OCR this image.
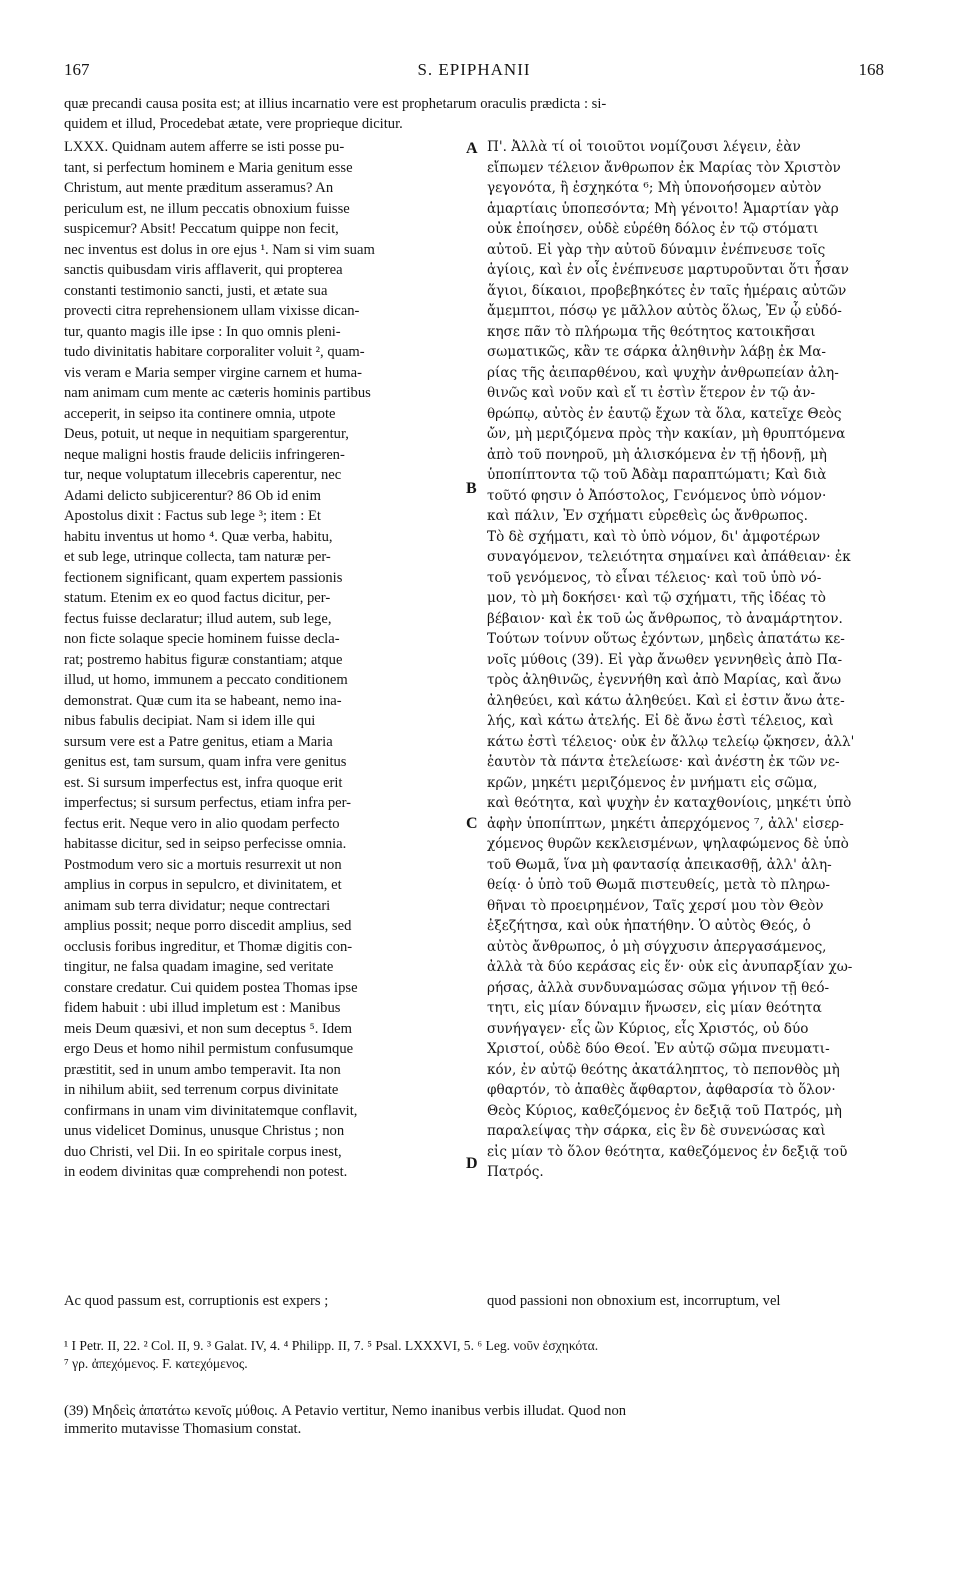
167	S. EPIPHANII	168
quæ precandi causa posita est; at illius incarnatio vere est prophetarum oraculis prædicta : si-
quidem et illud, Procedebat ætate, vere proprieque dicitur.
LXXX. Quidnam autem afferre se isti posse pu-
tant, si perfectum hominem e Maria genitum esse
Christum, aut mente præditum asseramus? An
periculum est, ne illum peccatis obnoxium fuisse
suspicemur? Absit! Peccatum quippe non fecit,
nec inventus est dolus in ore ejus ¹. Nam si vim suam
sanctis quibusdam viris afflaverit, qui propterea
constanti testimonio sancti, justi, et ætate sua
provecti citra reprehensionem ullam vixisse dican-
tur, quanto magis ille ipse : In quo omnis pleni-
tudo divinitatis habitare corporaliter voluit ², quam-
vis veram e Maria semper virgine carnem et huma-
nam animam cum mente ac cæteris hominis partibus
acceperit, in seipso ita continere omnia, utpote
Deus, potuit, ut neque in nequitiam spargerentur,
neque maligni hostis fraude deliciis infringeren-
tur, neque voluptatum illecebris caperentur, nec
Adami delicto subjicerentur? 86 Ob id enim
Apostolus dixit : Factus sub lege ³; item : Et
habitu inventus ut homo ⁴. Quæ verba, habitu,
et sub lege, utrinque collecta, tam naturæ per-
fectionem significant, quam expertem passionis
statum. Etenim ex eo quod factus dicitur, per-
fectus fuisse declaratur; illud autem, sub lege,
non ficte solaque specie hominem fuisse decla-
rat; postremo habitus figuræ constantiam; atque
illud, ut homo, immunem a peccato conditionem
demonstrat. Quæ cum ita se habeant, nemo ina-
nibus fabulis decipiat. Nam si idem ille qui
sursum vere est a Patre genitus, etiam a Maria
genitus est, tam sursum, quam infra vere genitus
est. Si sursum imperfectus est, infra quoque erit
imperfectus; si sursum perfectus, etiam infra per-
fectus erit. Neque vero in alio quodam perfecto
habitasse dicitur, sed in seipso perfecisse omnia.
Postmodum vero sic a mortuis resurrexit ut non
amplius in corpus in sepulcro, et divinitatem, et
animam sub terra dividatur; neque contrectari
amplius possit; neque porro discedit amplius, sed
occlusis foribus ingreditur, et Thomæ digitis con-
tingitur, ne falsa quadam imagine, sed veritate
constare credatur. Cui quidem postea Thomas ipse
fidem habuit : ubi illud impletum est : Manibus
meis Deum quæsivi, et non sum deceptus ⁵. Idem
ergo Deus et homo nihil permistum confusumque
præstitit, sed in unum ambo temperavit. Ita non
in nihilum abiit, sed terrenum corpus divinitate
confirmans in unam vim divinitatemque conflavit,
unus videlicet Dominus, unusque Christus ; non
duo Christi, vel Dii. In eo spiritale corpus inest,
in eodem divinitas quæ comprehendi non potest.
Π'. Ἀλλὰ τί οἱ τοιοῦτοι νομίζουσι λέγειν, ἐὰν
εἴπωμεν τέλειον ἄνθρωπον ἐκ Μαρίας τὸν Χριστὸν
γεγονότα, ἢ ἐσχηκότα ⁶; Μὴ ὑπονοήσομεν αὐτὸν
ἁμαρτίαις ὑποπεσόντα; Μὴ γένοιτο! Ἁμαρτίαν γὰρ
οὐκ ἐποίησεν, οὐδὲ εὑρέθη δόλος ἐν τῷ στόματι
αὐτοῦ. Εἰ γὰρ τὴν αὐτοῦ δύναμιν ἐνέπνευσε τοῖς
ἁγίοις, καὶ ἐν οἷς ἐνέπνευσε μαρτυροῦνται ὅτι ἦσαν
ἅγιοι, δίκαιοι, προβεβηκότες ἐν ταῖς ἡμέραις αὐτῶν
ἄμεμπτοι, πόσῳ γε μᾶλλον αὐτὸς ὅλως, Ἐν ᾧ εὐδό-
κησε πᾶν τὸ πλήρωμα τῆς θεότητος κατοικῆσαι
σωματικῶς, κἂν τε σάρκα ἀληθινὴν λάβῃ ἐκ Μα-
ρίας τῆς ἀειπαρθένου, καὶ ψυχὴν ἀνθρωπείαν ἀλη-
θινῶς καὶ νοῦν καὶ εἴ τι ἐστὶν ἕτερον ἐν τῷ ἀν-
θρώπῳ, αὐτὸς ἐν ἑαυτῷ ἔχων τὰ ὅλα, κατεῖχε Θεὸς
ὤν, μὴ μεριζόμενα πρὸς τὴν κακίαν, μὴ θρυπτόμενα
ἀπὸ τοῦ πονηροῦ, μὴ ἁλισκόμενα ἐν τῇ ἡδονῇ, μὴ
ὑποπίπτοντα τῷ τοῦ Ἀδὰμ παραπτώματι; Καὶ διὰ
τοῦτό φησιν ὁ Ἀπόστολος, Γενόμενος ὑπὸ νόμον·
καὶ πάλιν, Ἐν σχήματι εὑρεθεὶς ὡς ἄνθρωπος.
Τὸ δὲ σχήματι, καὶ τὸ ὑπὸ νόμον, δι' ἀμφοτέρων
συναγόμενον, τελειότητα σημαίνει καὶ ἀπάθειαν· ἐκ
τοῦ γενόμενος, τὸ εἶναι τέλειος· καὶ τοῦ ὑπὸ νό-
μον, τὸ μὴ δοκήσει· καὶ τῷ σχήματι, τῆς ἰδέας τὸ
βέβαιον· καὶ ἐκ τοῦ ὡς ἄνθρωπος, τὸ ἀναμάρτητον.
Τούτων τοίνυν οὕτως ἐχόντων, μηδεὶς ἀπατάτω κε-
νοῖς μύθοις (39). Εἰ γὰρ ἄνωθεν γεννηθεὶς ἀπὸ Πα-
τρὸς ἀληθινῶς, ἐγεννήθη καὶ ἀπὸ Μαρίας, καὶ ἄνω
ἀληθεύει, καὶ κάτω ἀληθεύει. Καὶ εἰ ἐστιν ἄνω ἀτε-
λής, καὶ κάτω ἀτελής. Εἰ δὲ ἄνω ἐστὶ τέλειος, καὶ
κάτω ἐστὶ τέλειος· οὐκ ἐν ἄλλῳ τελείῳ ᾤκησεν, ἀλλ'
ἑαυτὸν τὰ πάντα ἐτελείωσε· καὶ ἀνέστη ἐκ τῶν νε-
κρῶν, μηκέτι μεριζόμενος ἐν μνήματι εἰς σῶμα,
καὶ θεότητα, καὶ ψυχὴν ἐν καταχθονίοις, μηκέτι ὑπὸ
ἀφὴν ὑποπίπτων, μηκέτι ἀπερχόμενος ⁷, ἀλλ' εἰσερ-
χόμενος θυρῶν κεκλεισμένων, ψηλαφώμενος δὲ ὑπὸ
τοῦ Θωμᾶ, ἵνα μὴ φαντασίᾳ ἀπεικασθῇ, ἀλλ' ἀλη-
θείᾳ· ὁ ὑπὸ τοῦ Θωμᾶ πιστευθείς, μετὰ τὸ πληρω-
θῆναι τὸ προειρημένον, Ταῖς χερσί μου τὸν Θεὸν
ἐξεζήτησα, καὶ οὐκ ἠπατήθην. Ὁ αὐτὸς Θεός, ὁ
αὐτὸς ἄνθρωπος, ὁ μὴ σύγχυσιν ἀπεργασάμενος,
ἀλλὰ τὰ δύο κεράσας εἰς ἕν· οὐκ εἰς ἀνυπαρξίαν χω-
ρήσας, ἀλλὰ συνδυναμώσας σῶμα γήινον τῇ θεό-
τητι, εἰς μίαν δύναμιν ἥνωσεν, εἰς μίαν θεότητα
συνήγαγεν· εἷς ὢν Κύριος, εἷς Χριστός, οὐ δύο
Χριστοί, οὐδὲ δύο Θεοί. Ἐν αὐτῷ σῶμα πνευματι-
κόν, ἐν αὐτῷ θεότης ἀκατάληπτος, τὸ πεπονθὸς μὴ
φθαρτόν, τὸ ἀπαθὲς ἄφθαρτον, ἀφθαρσία τὸ ὅλον·
Θεὸς Κύριος, καθεζόμενος ἐν δεξιᾷ τοῦ Πατρός, μὴ
παραλείψας τὴν σάρκα, εἰς ἓν δὲ συνενώσας καὶ
εἰς μίαν τὸ ὅλον θεότητα, καθεζόμενος ἐν δεξιᾷ τοῦ
Πατρός.
A
B
C
D
Ac quod passum est, corruptionis est expers ;	quod passioni non obnoxium est, incorruptum, vel
¹ I Petr. II, 22. ² Col. II, 9. ³ Galat. IV, 4. ⁴ Philipp. II, 7. ⁵ Psal. LXXXVI, 5. ⁶ Leg. νοῦν ἐσχηκότα.
⁷ γρ. ἀπεχόμενος. F. κατεχόμενος.
(39) Μηδεὶς ἀπατάτω κενοῖς μύθοις. A Petavio vertitur, Nemo inanibus verbis illudat. Quod non
immerito mutavisse Thomasium constat.
